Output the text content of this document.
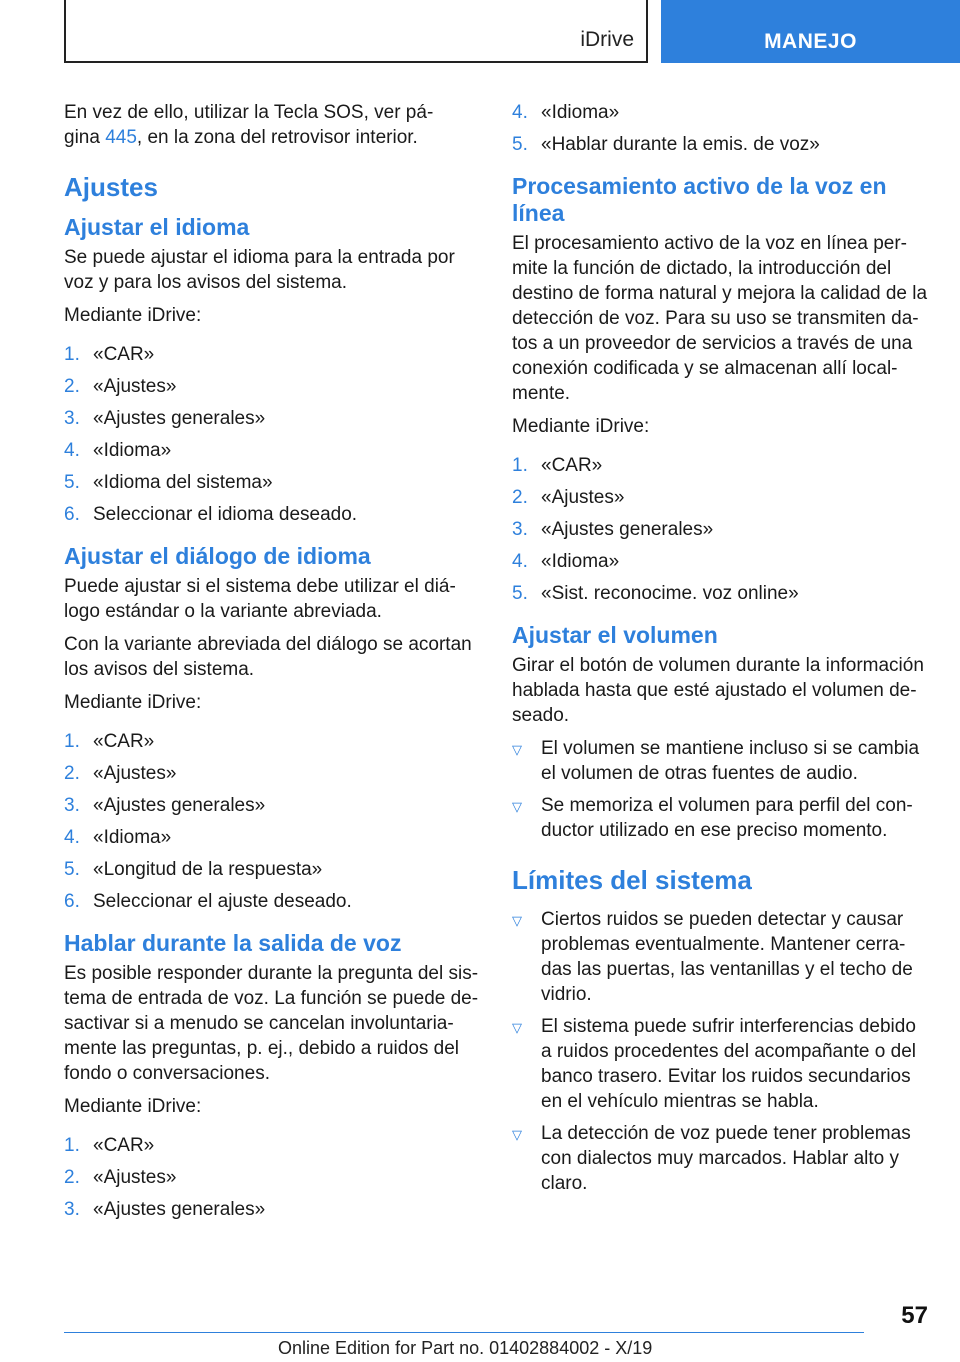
iDrive	MANEJO

En vez de ello, utilizar la Tecla SOS, ver pá-
gina 445, en la zona del retrovisor interior.

Ajustes
Ajustar el idioma

Se puede ajustar el idioma para la entrada por voz y para los avisos del sistema.

Mediante iDrive:

1. «CAR»
2. «Ajustes»
3. «Ajustes generales»
4. «Idioma»
5. «Idioma del sistema»
6. Seleccionar el idioma deseado.
Ajustar el diálogo de idioma

Puede ajustar si el sistema debe utilizar el diá-logo estándar o la variante abreviada.

Con la variante abreviada del diálogo se acortan los avisos del sistema.

Mediante iDrive:

1. «CAR»
2. «Ajustes»
3. «Ajustes generales»
4. «Idioma»
5. «Longitud de la respuesta»
6. Seleccionar el ajuste deseado.
Hablar durante la salida de voz

Es posible responder durante la pregunta del sis-tema de entrada de voz. La función se puede de-sactivar si a menudo se cancelan involuntaria-mente las preguntas, p. ej., debido a ruidos del fondo o conversaciones.

Mediante iDrive:

1. «CAR»
2. «Ajustes»
3. «Ajustes generales»
4. «Idioma»
5. «Hablar durante la emis. de voz»
Procesamiento activo de la voz en línea

El procesamiento activo de la voz en línea per-mite la función de dictado, la introducción del destino de forma natural y mejora la calidad de la detección de voz. Para su uso se transmiten da-tos a un proveedor de servicios a través de una conexión codificada y se almacenan allí local-mente.

Mediante iDrive:

1. «CAR»
2. «Ajustes»
3. «Ajustes generales»
4. «Idioma»
5. «Sist. reconocime. voz online»
Ajustar el volumen

Girar el botón de volumen durante la información hablada hasta que esté ajustado el volumen de-seado.

▽	El volumen se mantiene incluso si se cambia el volumen de otras fuentes de audio.
▽	Se memoriza el volumen para perfil del con-ductor utilizado en ese preciso momento.
Límites del sistema
▽	Ciertos ruidos se pueden detectar y causar problemas eventualmente. Mantener cerra-das las puertas, las ventanillas y el techo de vidrio.
▽	El sistema puede sufrir interferencias debido a ruidos procedentes del acompañante o del banco trasero. Evitar los ruidos secundarios en el vehículo mientras se habla.
▽	La detección de voz puede tener problemas con dialectos muy marcados. Hablar alto y claro.
57
Online Edition for Part no. 01402884002 - X/19
